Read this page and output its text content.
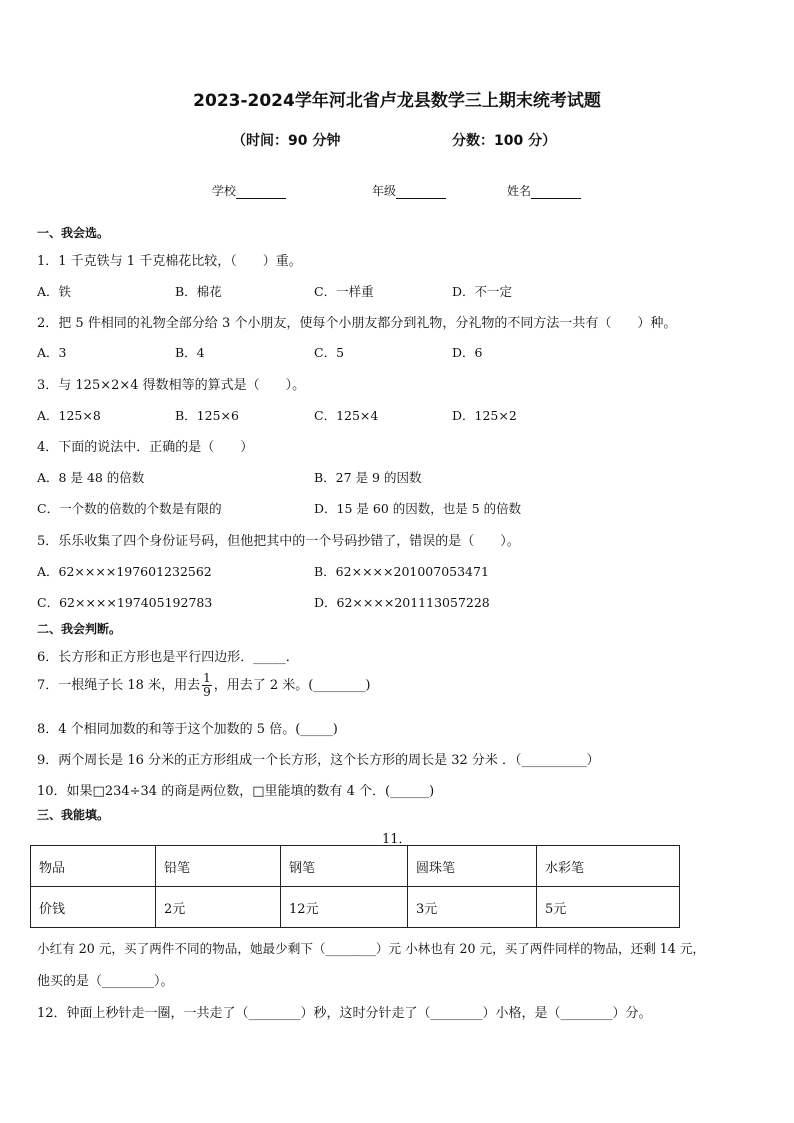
2023-2024学年河北省卢龙县数学三上期末统考试题
（时间：90 分钟	分数：100 分）
学校	年级	姓名
一、我会选。
1．1 千克铁与 1 千克棉花比较，（　　）重。
A．铁	B．棉花	C．一样重	D．不一定
2．把 5 件相同的礼物全部分给 3 个小朋友，使每个小朋友都分到礼物，分礼物的不同方法一共有（　　）种。
A．3	B．4	C．5	D．6
3．与 125×2×4 得数相等的算式是（　　）。
A．125×8	B．125×6	C．125×4	D．125×2
4．下面的说法中．正确的是（　　）
A．8 是 48 的倍数	B．27 是 9 的因数
C．一个数的倍数的个数是有限的	D．15 是 60 的因数，也是 5 的倍数
5．乐乐收集了四个身份证号码，但他把其中的一个号码抄错了，错误的是（　　）。
A．62××××197601232562	B．62××××201007053471
C．62××××197405192783	D．62××××201113057228
二、我会判断。
6．长方形和正方形也是平行四边形．_____．
7．一根绳子长 18 米，用去 $\frac{1}{9}$ ，用去了 2 米。(________)
8．4 个相同加数的和等于这个加数的 5 倍。(_____)
9．两个周长是 16 分米的正方形组成一个长方形，这个长方形的周长是 32 分米 ．（__________）
10．如果□234÷34 的商是两位数，□里能填的数有 4 个．(______)
三、我能填。
11．
物品	铅笔	钢笔	圆珠笔	水彩笔
价钱	2元	12元	3元	5元
小红有 20 元，买了两件不同的物品，她最少剩下（________）元 小林也有 20 元，买了两件同样的物品，还剩 14 元，
他买的是（________）。
12．钟面上秒针走一圈，一共走了（________）秒，这时分针走了（________）小格，是（________）分。
